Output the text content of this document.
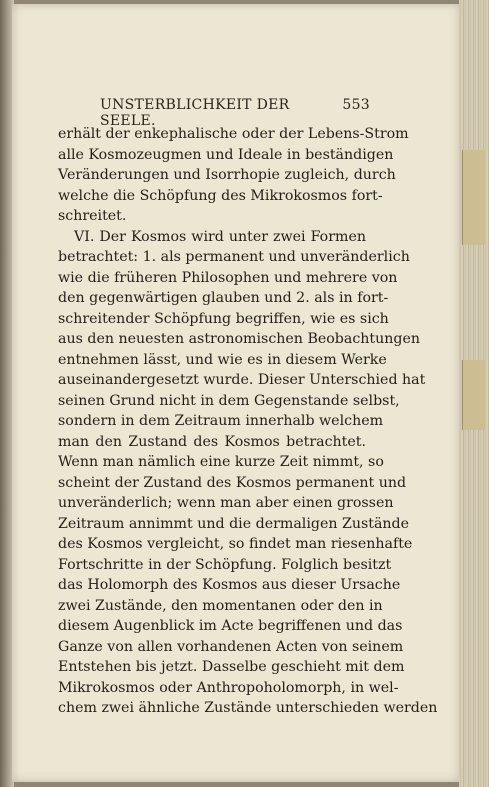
UNSTERBLICHKEIT DER SEELE.
553
erhält der enkephalische oder der Lebens-Strom
alle Kosmozeugmen und Ideale in beständigen
Veränderungen und Isorrhopie zugleich, durch
welche die Schöpfung des Mikrokosmos fort-
schreitet.
VI. Der Kosmos wird unter zwei Formen
betrachtet: 1. als permanent und unveränderlich
wie die früheren Philosophen und mehrere von
den gegenwärtigen glauben und 2. als in fort-
schreitender Schöpfung begriffen, wie es sich
aus den neuesten astronomischen Beobachtungen
entnehmen lässt, und wie es in diesem Werke
auseinandergesetzt wurde. Dieser Unterschied hat
seinen Grund nicht in dem Gegenstande selbst,
sondern in dem Zeitraum innerhalb welchem
man den Zustand des Kosmos betrachtet.
Wenn man nämlich eine kurze Zeit nimmt, so
scheint der Zustand des Kosmos permanent und
unveränderlich; wenn man aber einen grossen
Zeitraum annimmt und die dermaligen Zustände
des Kosmos vergleicht, so findet man riesenhafte
Fortschritte in der Schöpfung. Folglich besitzt
das Holomorph des Kosmos aus dieser Ursache
zwei Zustände, den momentanen oder den in
diesem Augenblick im Acte begriffenen und das
Ganze von allen vorhandenen Acten von seinem
Entstehen bis jetzt. Dasselbe geschieht mit dem
Mikrokosmos oder Anthropoholomorph, in wel-
chem zwei ähnliche Zustände unterschieden werden
